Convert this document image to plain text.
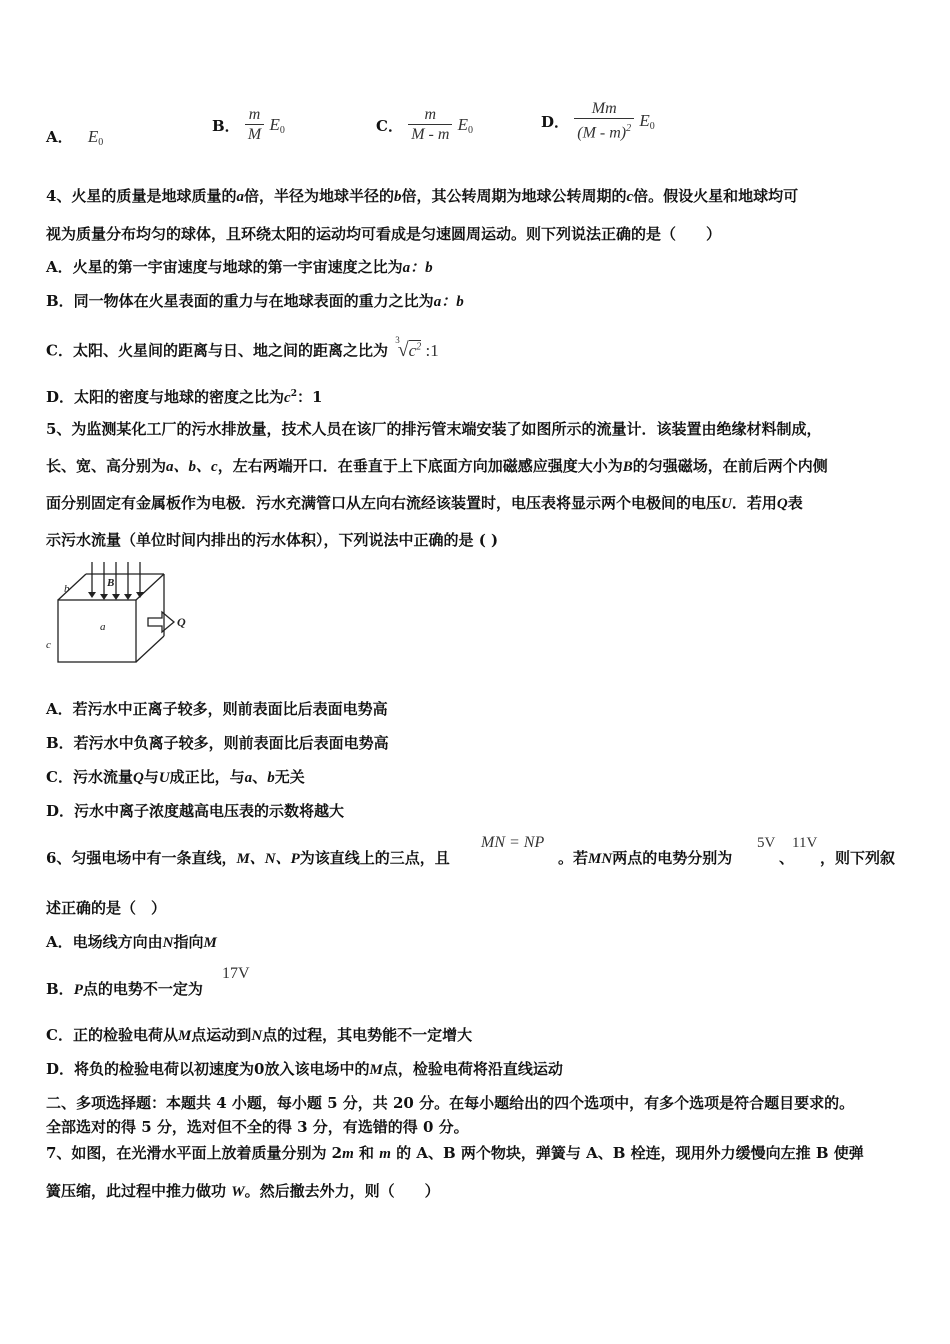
A． $E_0$
B． $\frac{m}{M} E_0$	C． $\frac{m}{M - m} E_0$	D． $\frac{Mm}{(M - m)^2} E_0$
4、火星的质量是地球质量的a倍，半径为地球半径的b倍，其公转周期为地球公转周期的c倍。假设火星和地球均可
视为质量分布均匀的球体，且环绕太阳的运动均可看成是匀速圆周运动。则下列说法正确的是（　　）
A．火星的第一宇宙速度与地球的第一宇宙速度之比为a：b
B．同一物体在火星表面的重力与在地球表面的重力之比为a：b
C．太阳、火星间的距离与日、地之间的距离之比为 $^3√c^2$ :1
D．太阳的密度与地球的密度之比为$c^2$：1
5、为监测某化工厂的污水排放量，技术人员在该厂的排污管末端安装了如图所示的流量计．该装置由绝缘材料制成，
长、宽、高分别为a、b、c，左右两端开口．在垂直于上下底面方向加磁感应强度大小为B的匀强磁场，在前后两个内侧
面分别固定有金属板作为电极．污水充满管口从左向右流经该装置时，电压表将显示两个电极间的电压U．若用Q表
示污水流量（单位时间内排出的污水体积），下列说法中正确的是 ( )
b	B
a
c
Q
A．若污水中正离子较多，则前表面比后表面电势高
B．若污水中负离子较多，则前表面比后表面电势高
C．污水流量Q与U成正比，与a、b无关
D．污水中离子浓度越高电压表的示数将越大
6、匀强电场中有一条直线，M、N、P为该直线上的三点，且
MN = NP
。若MN两点的电势分别为
5V
、
11V
，则下列叙
述正确的是（　）
A．电场线方向由N指向M
B．P点的电势不一定为
17V
C．正的检验电荷从M点运动到N点的过程，其电势能不一定增大
D．将负的检验电荷以初速度为0放入该电场中的M点，检验电荷将沿直线运动
二、多项选择题：本题共 4 小题，每小题 5 分，共 20 分。在每小题给出的四个选项中，有多个选项是符合题目要求的。
全部选对的得 5 分，选对但不全的得 3 分，有选错的得 0 分。
7、如图，在光滑水平面上放着质量分别为 2m 和 m 的 A、B 两个物块，弹簧与 A、B 栓连，现用外力缓慢向左推 B 使弹
簧压缩，此过程中推力做功 W。然后撤去外力，则（　　）
